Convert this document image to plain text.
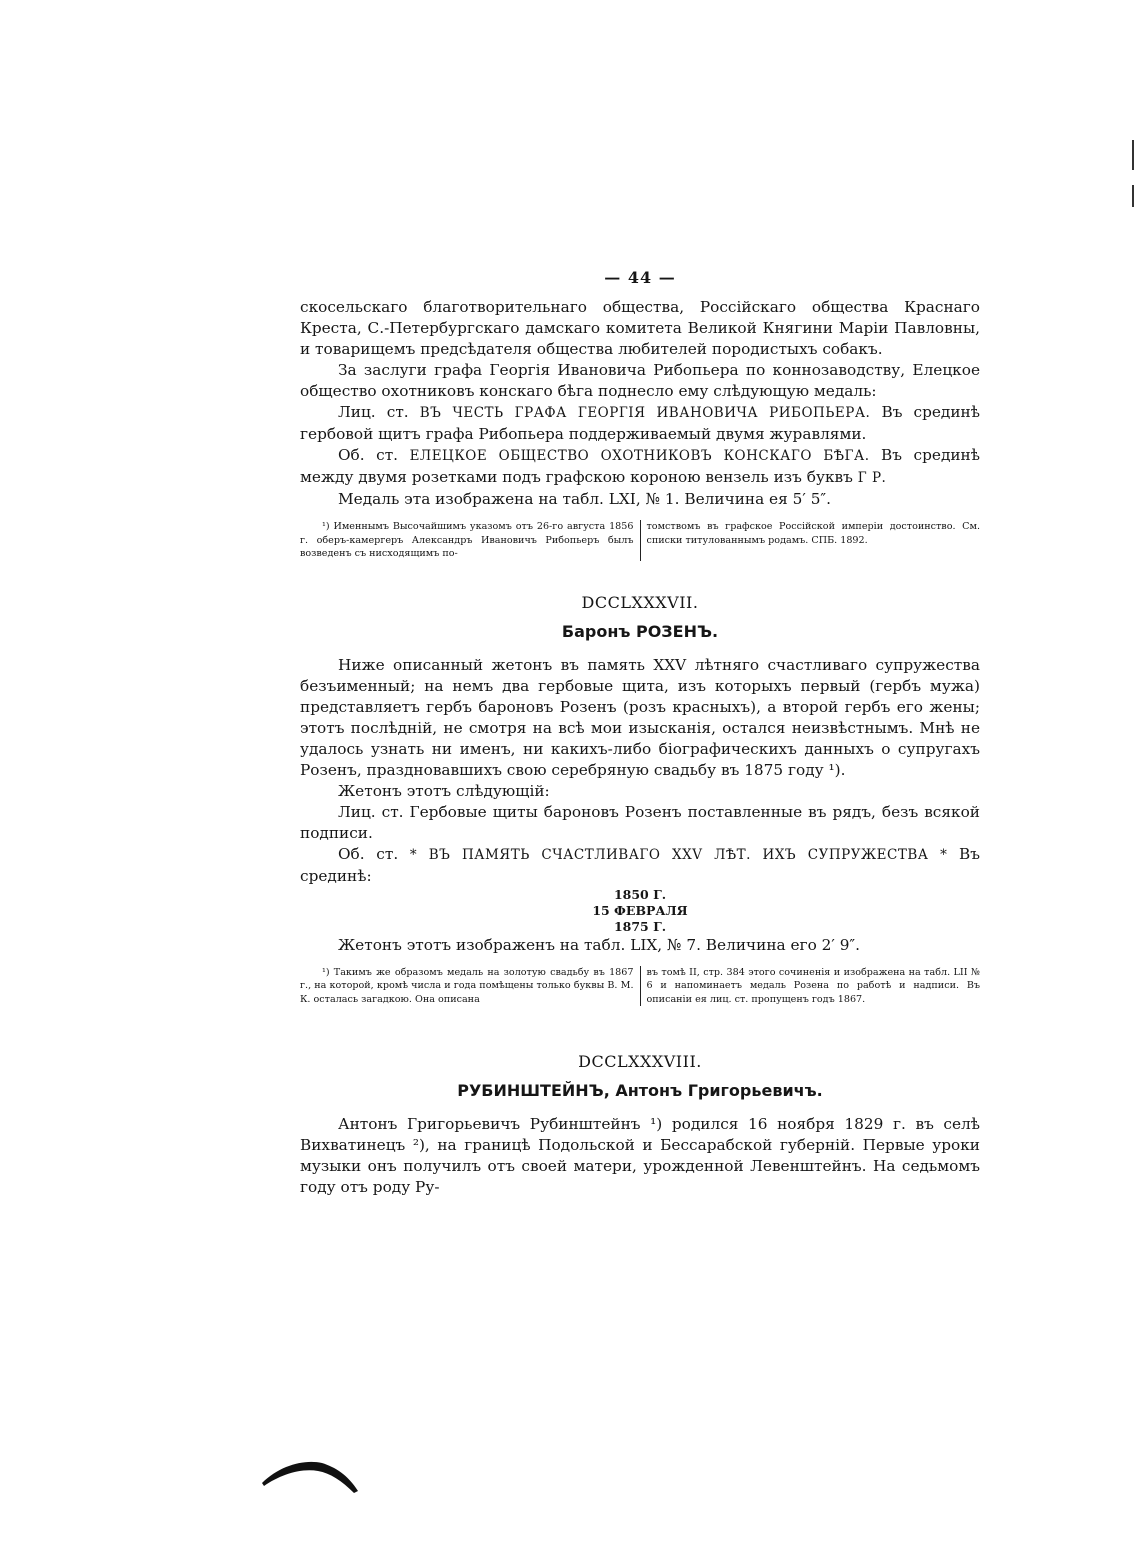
— 44 —

скосельскаго благотворительнаго общества, Россійскаго общества Краснаго Креста, С.-Петербургскаго дамскаго комитета Великой Княгини Маріи Павловны, и товарищемъ предсѣдателя общества любителей породистыхъ собакъ.

За заслуги графа Георгія Ивановича Рибопьера по коннозаводству, Елецкое общество охотниковъ конскаго бѣга поднесло ему слѣдующую медаль:

Лиц. ст. ВЪ ЧЕСТЬ ГРАФА ГЕОРГІЯ ИВАНОВИЧА РИБОПЬЕРА. Въ срединѣ гербовой щитъ графа Рибопьера поддерживаемый двумя журавлями.

Об. ст. ЕЛЕЦКОЕ ОБЩЕСТВО ОХОТНИКОВЪ КОНСКАГО БѢГА. Въ срединѣ между двумя розетками подъ графскою короною вензель изъ буквъ Г Р.

Медаль эта изображена на табл. LXI, № 1. Величина ея 5′ 5″.

¹) Именнымъ Высочайшимъ указомъ отъ 26-го августа 1856 г. оберъ-камергеръ Александръ Ивановичъ Рибопьеръ былъ возведенъ съ нисходящимъ по-
томствомъ въ графское Россійской имперіи достоинство. См. списки титулованнымъ родамъ. СПБ. 1892.
DCCLXXXVII.
Баронъ РОЗЕНЪ.

Ниже описанный жетонъ въ память XXV лѣтняго счастливаго супружества безъименный; на немъ два гербовые щита, изъ которыхъ первый (гербъ мужа) представляетъ гербъ бароновъ Розенъ (розъ красныхъ), а второй гербъ его жены; этотъ послѣдній, не смотря на всѣ мои изысканія, остался неизвѣстнымъ. Мнѣ не удалось узнать ни именъ, ни какихъ-либо біографическихъ данныхъ о супругахъ Розенъ, праздновавшихъ свою серебряную свадьбу въ 1875 году ¹).

Жетонъ этотъ слѣдующій:

Лиц. ст. Гербовые щиты бароновъ Розенъ поставленные въ рядъ, безъ всякой подписи.

Об. ст. * ВЪ ПАМЯТЬ СЧАСТЛИВАГО XXV ЛѢТ. ИХЪ СУПРУЖЕСТВА * Въ срединѣ:

1850 Г.
15 ФЕВРАЛЯ
1875 Г.

Жетонъ этотъ изображенъ на табл. LIX, № 7. Величина его 2′ 9″.

¹) Такимъ же образомъ медаль на золотую свадьбу въ 1867 г., на которой, кромѣ числа и года помѣщены только буквы В. М. К. осталась загадкою. Она описана
въ томѣ II, стр. 384 этого сочиненія и изображена на табл. LII № 6 и напоминаетъ медаль Розена по работѣ и надписи. Въ описаніи ея лиц. ст. пропущенъ годъ 1867.
DCCLXXXVIII.
РУБИНШТЕЙНЪ, Антонъ Григорьевичъ.

Антонъ Григорьевичъ Рубинштейнъ ¹) родился 16 ноября 1829 г. въ селѣ Вихватинецъ ²), на границѣ Подольской и Бессарабской губерній. Первые уроки музыки онъ получилъ отъ своей матери, урожденной Левенштейнъ. На седьмомъ году отъ роду Ру-
